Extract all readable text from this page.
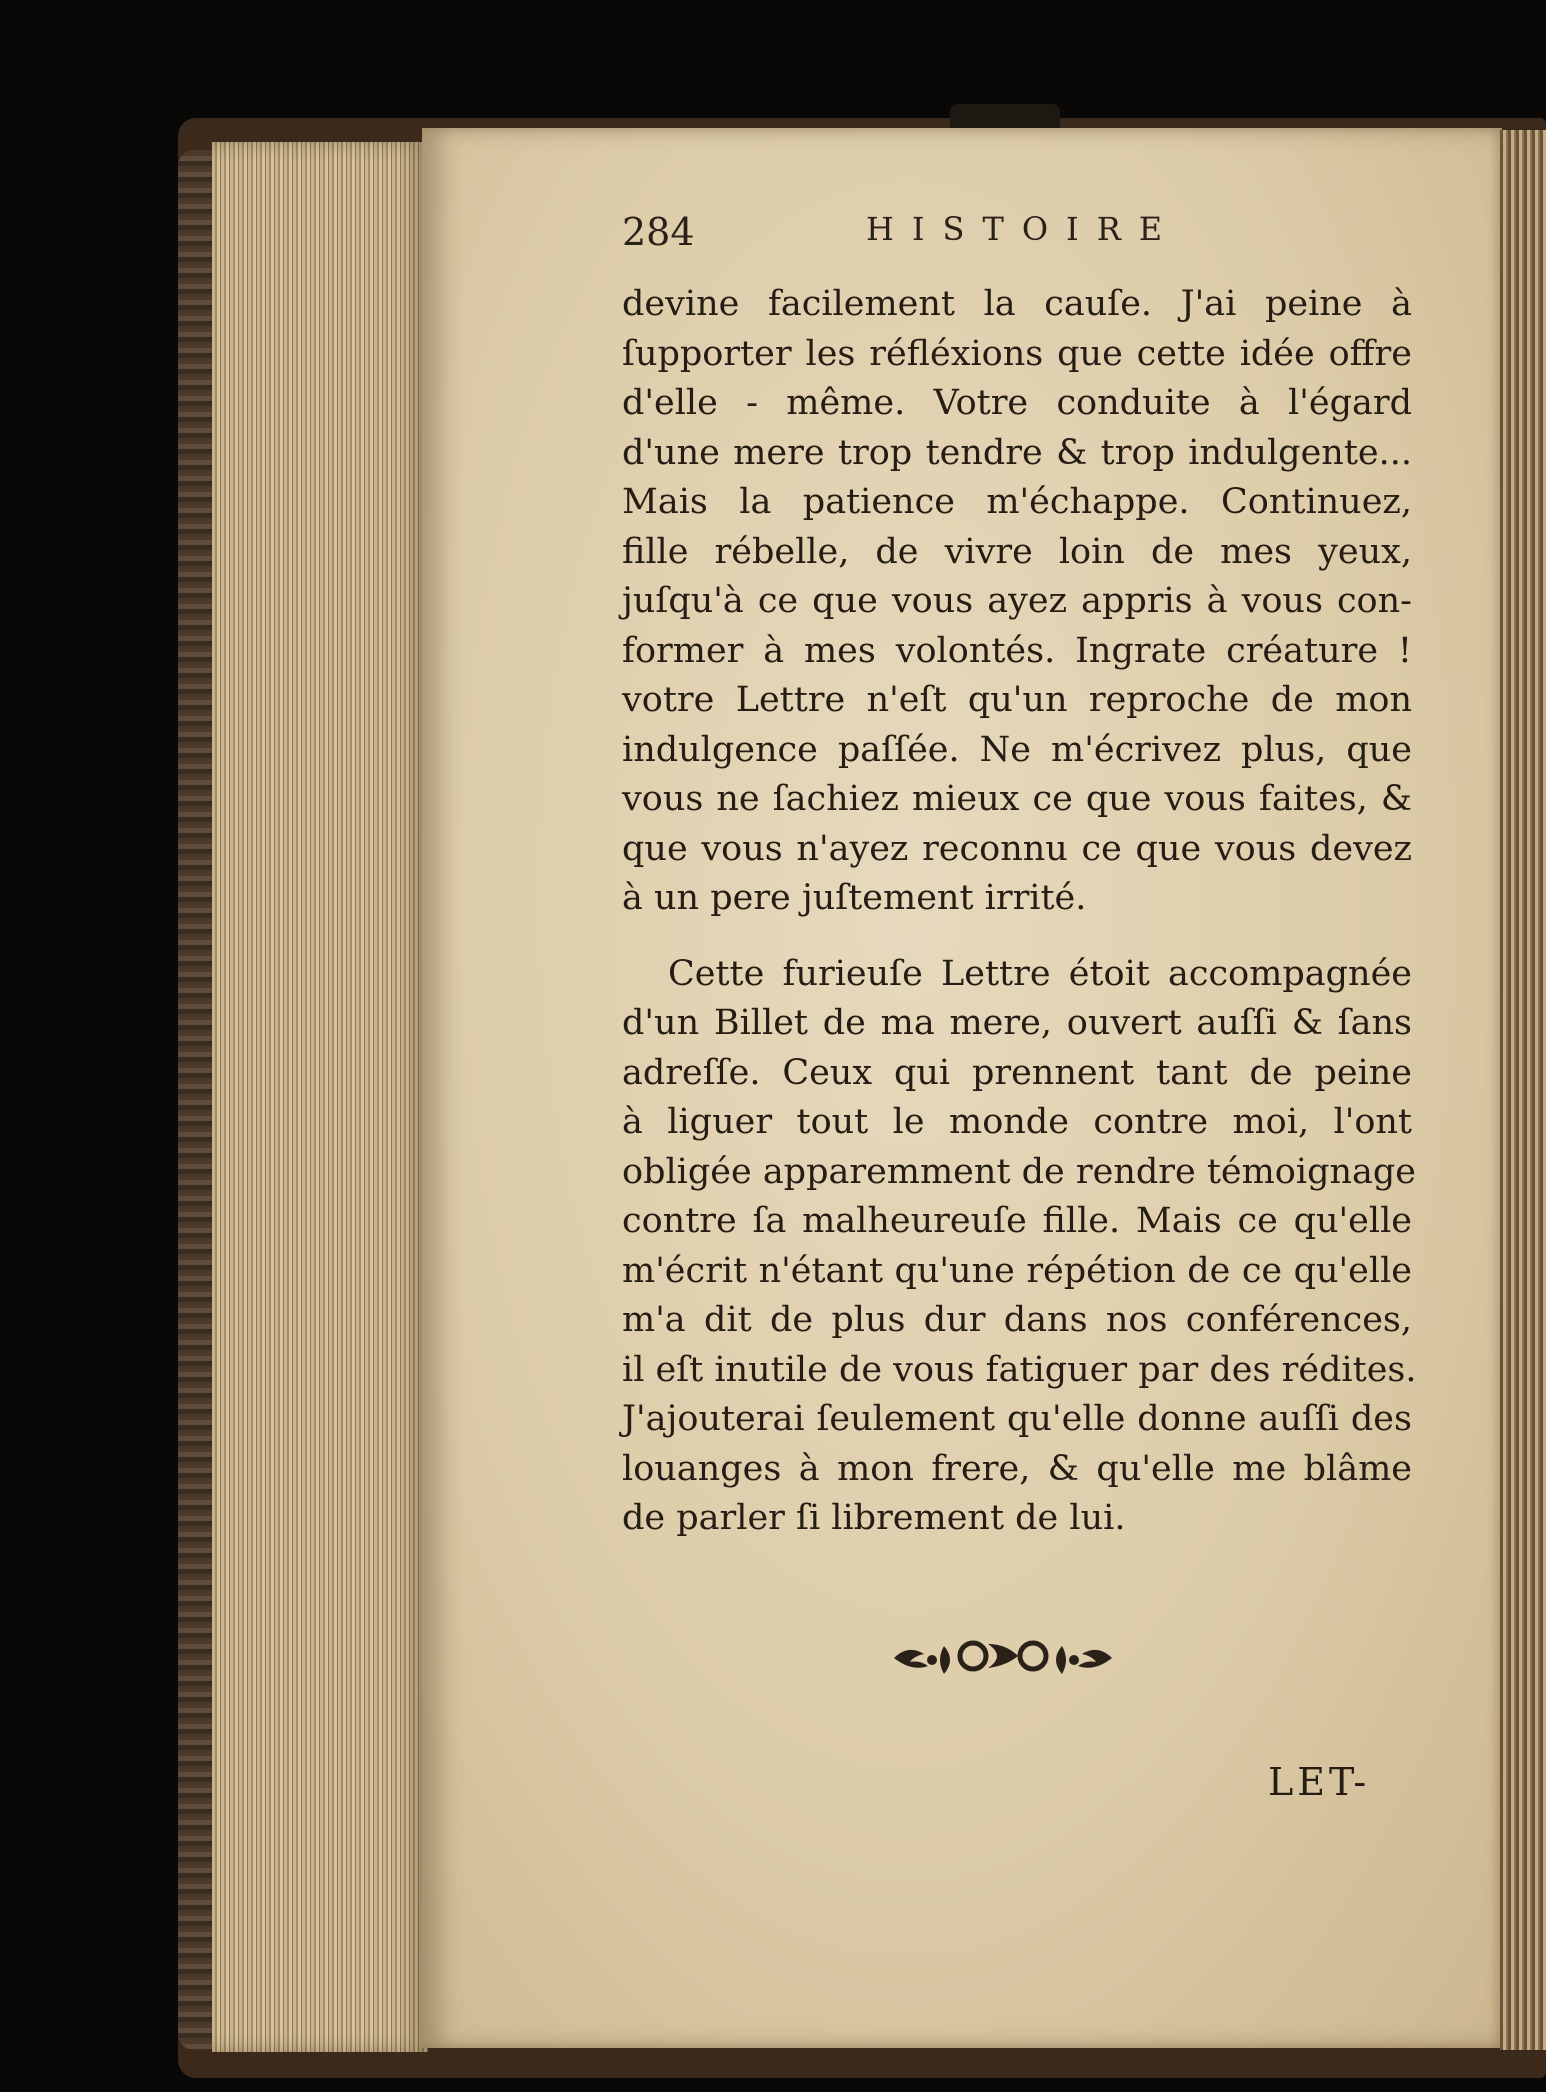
284	HISTOIRE
devine facilement la cauſe. J'ai peine à
ſupporter les réfléxions que cette idée offre
d'elle - même. Votre conduite à l'égard
d'une mere trop tendre & trop indulgente...
Mais la patience m'échappe. Continuez,
fille rébelle, de vivre loin de mes yeux,
juſqu'à ce que vous ayez appris à vous con-
former à mes volontés. Ingrate créature !
votre Lettre n'eſt qu'un reproche de mon
indulgence paſſée. Ne m'écrivez plus, que
vous ne ſachiez mieux ce que vous faites, &
que vous n'ayez reconnu ce que vous devez
à un pere juſtement irrité.
Cette furieuſe Lettre étoit accompagnée
d'un Billet de ma mere, ouvert auſſi & ſans
adreſſe. Ceux qui prennent tant de peine
à liguer tout le monde contre moi, l'ont
obligée apparemment de rendre témoignage
contre ſa malheureuſe fille. Mais ce qu'elle
m'écrit n'étant qu'une répétion de ce qu'elle
m'a dit de plus dur dans nos conférences,
il eſt inutile de vous fatiguer par des rédites.
J'ajouterai ſeulement qu'elle donne auſſi des
louanges à mon frere, & qu'elle me blâme
de parler ſi librement de lui.
LET-
